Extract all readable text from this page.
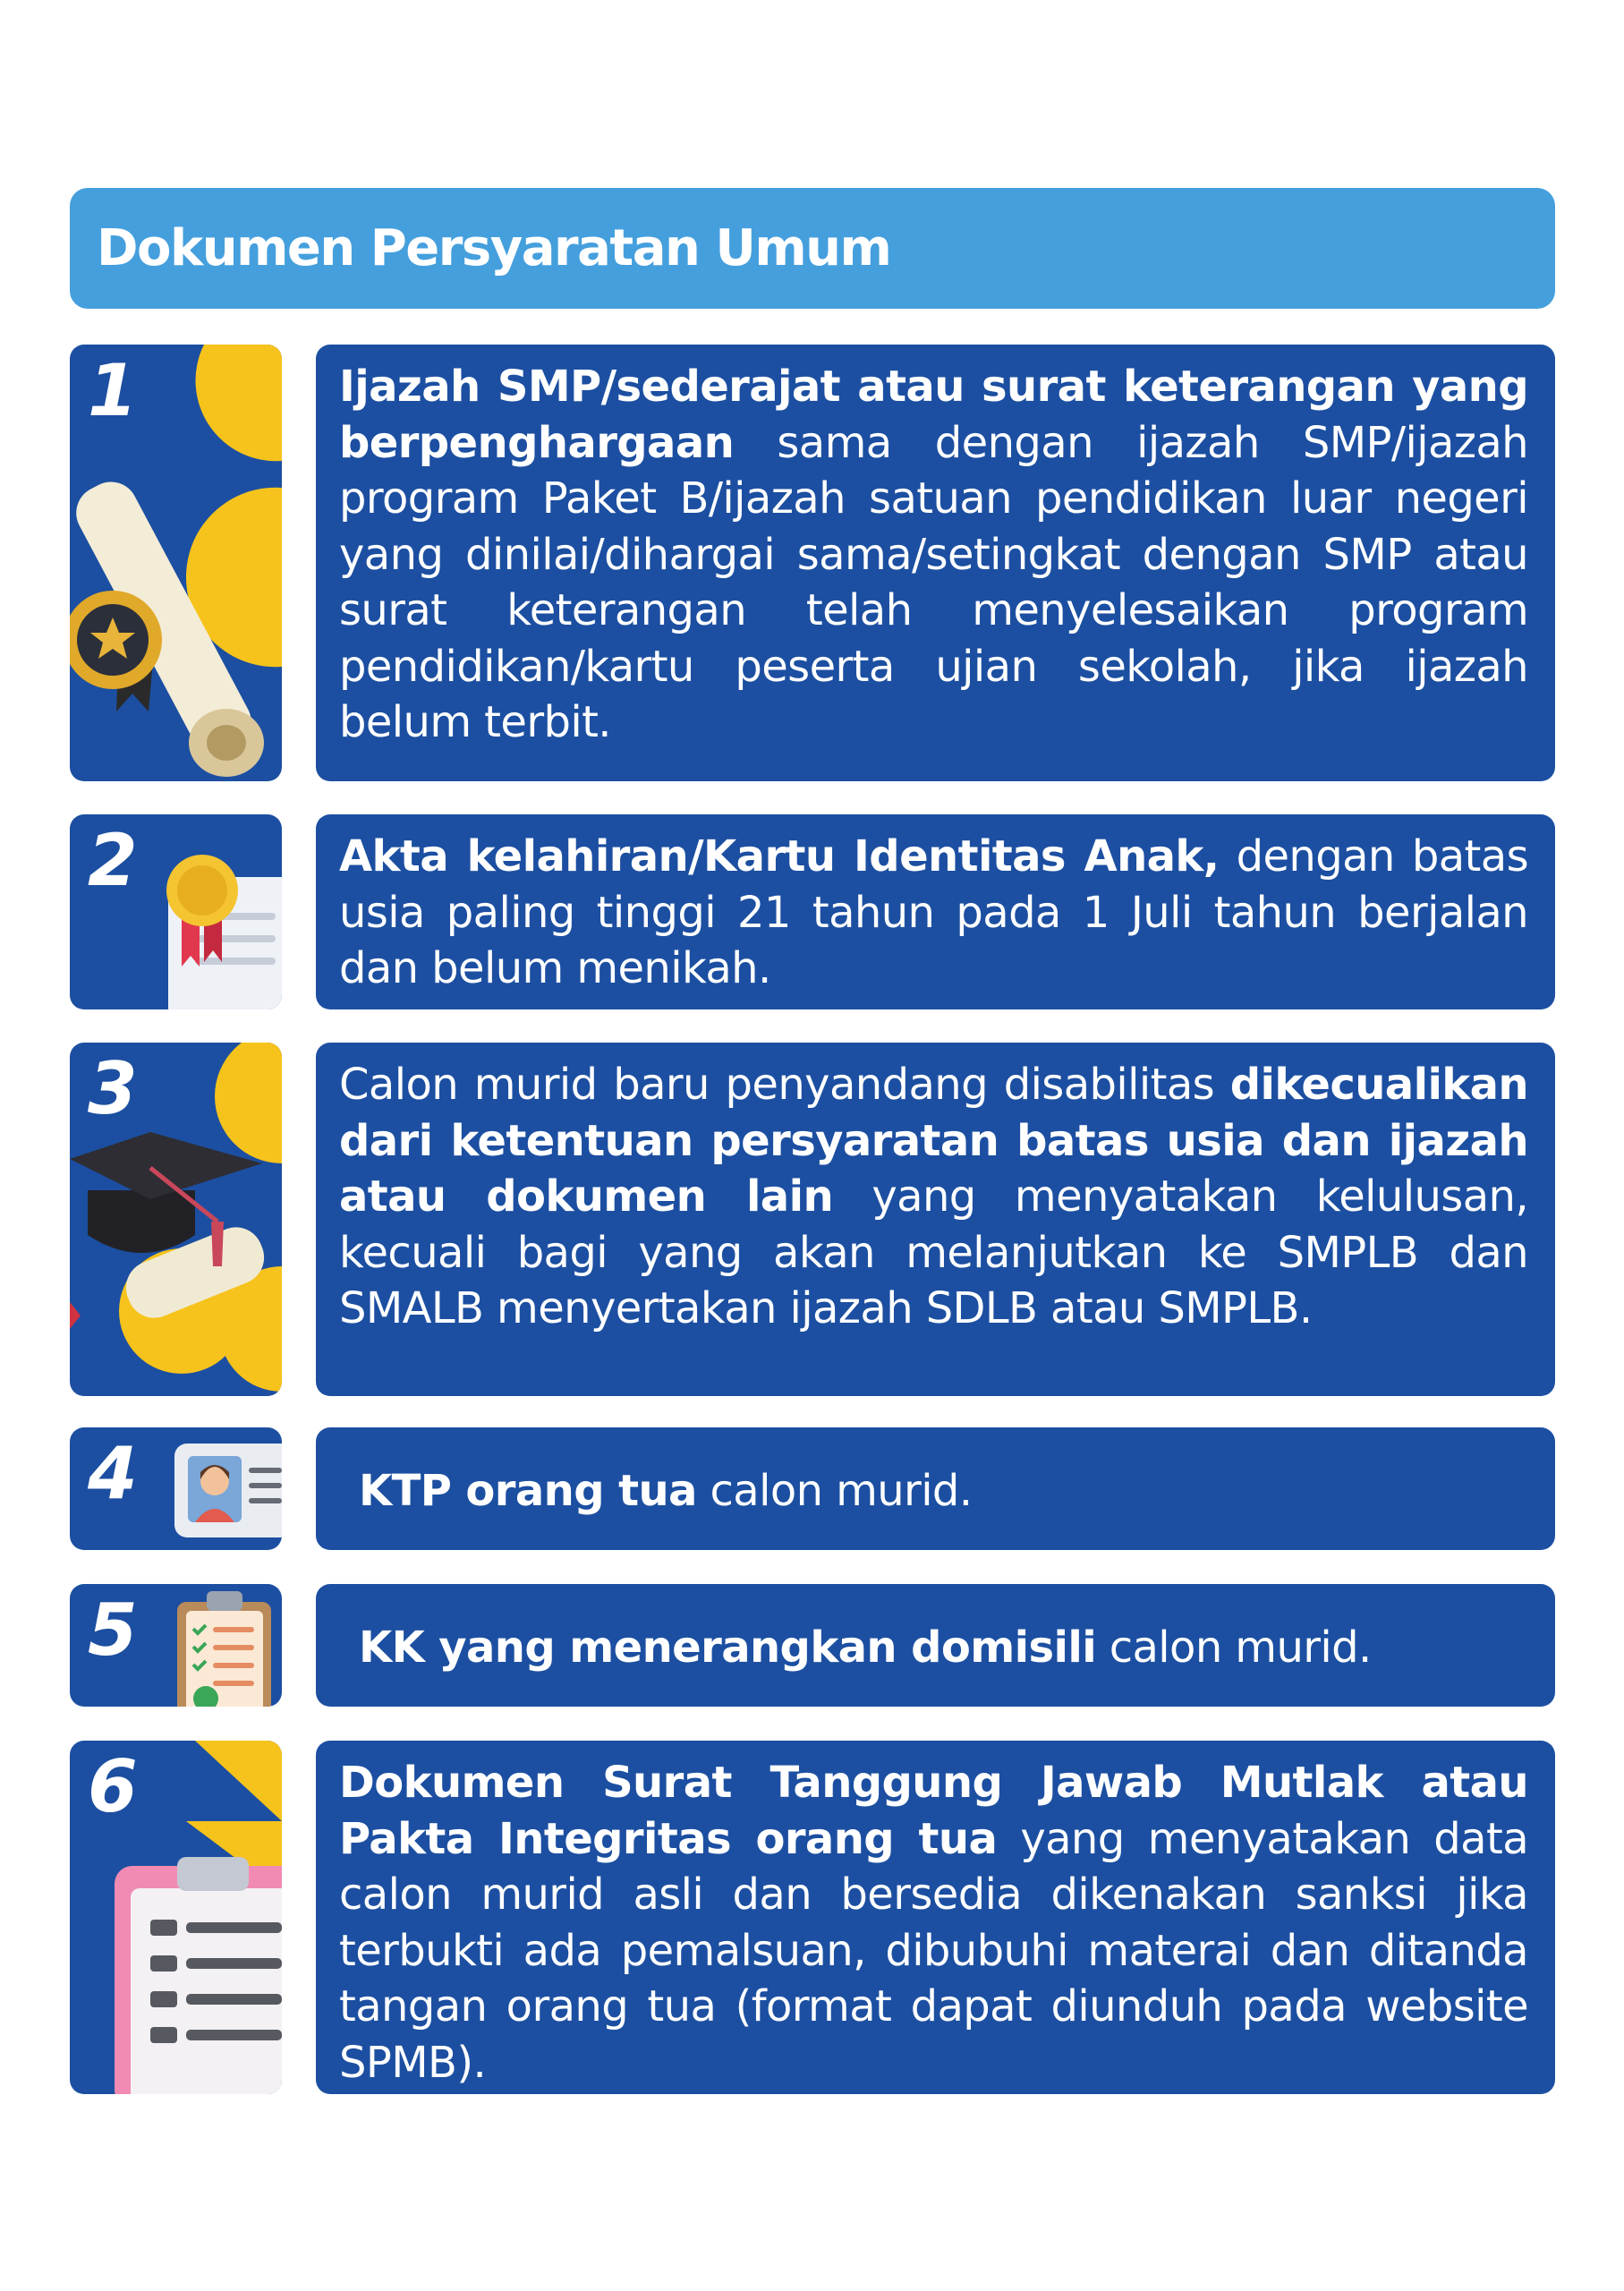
Dokumen Persyaratan Umum
1	Ijazah SMP/sederajat atau surat keterangan yang berpenghargaan sama dengan ijazah SMP/ijazah program Paket B/ijazah satuan pendidikan luar negeri yang dinilai/dihargai sama/setingkat dengan SMP atau surat keterangan telah menyelesaikan program pendidikan/kartu peserta ujian sekolah, jika ijazah belum terbit.

2	Akta kelahiran/Kartu Identitas Anak, dengan batas usia paling tinggi 21 tahun pada 1 Juli tahun berjalan dan belum menikah.

3	Calon murid baru penyandang disabilitas dikecualikan dari ketentuan persyaratan batas usia dan ijazah atau dokumen lain yang menyatakan kelulusan, kecuali bagi yang akan melanjutkan ke SMPLB dan SMALB menyertakan ijazah SDLB atau SMPLB.

4	KTP orang tua calon murid.

5	KK yang menerangkan domisili calon murid.

6	Dokumen Surat Tanggung Jawab Mutlak atau Pakta Integritas orang tua yang menyatakan data calon murid asli dan bersedia dikenakan sanksi jika terbukti ada pemalsuan, dibubuhi materai dan ditanda tangan orang tua (format dapat diunduh pada website SPMB).
